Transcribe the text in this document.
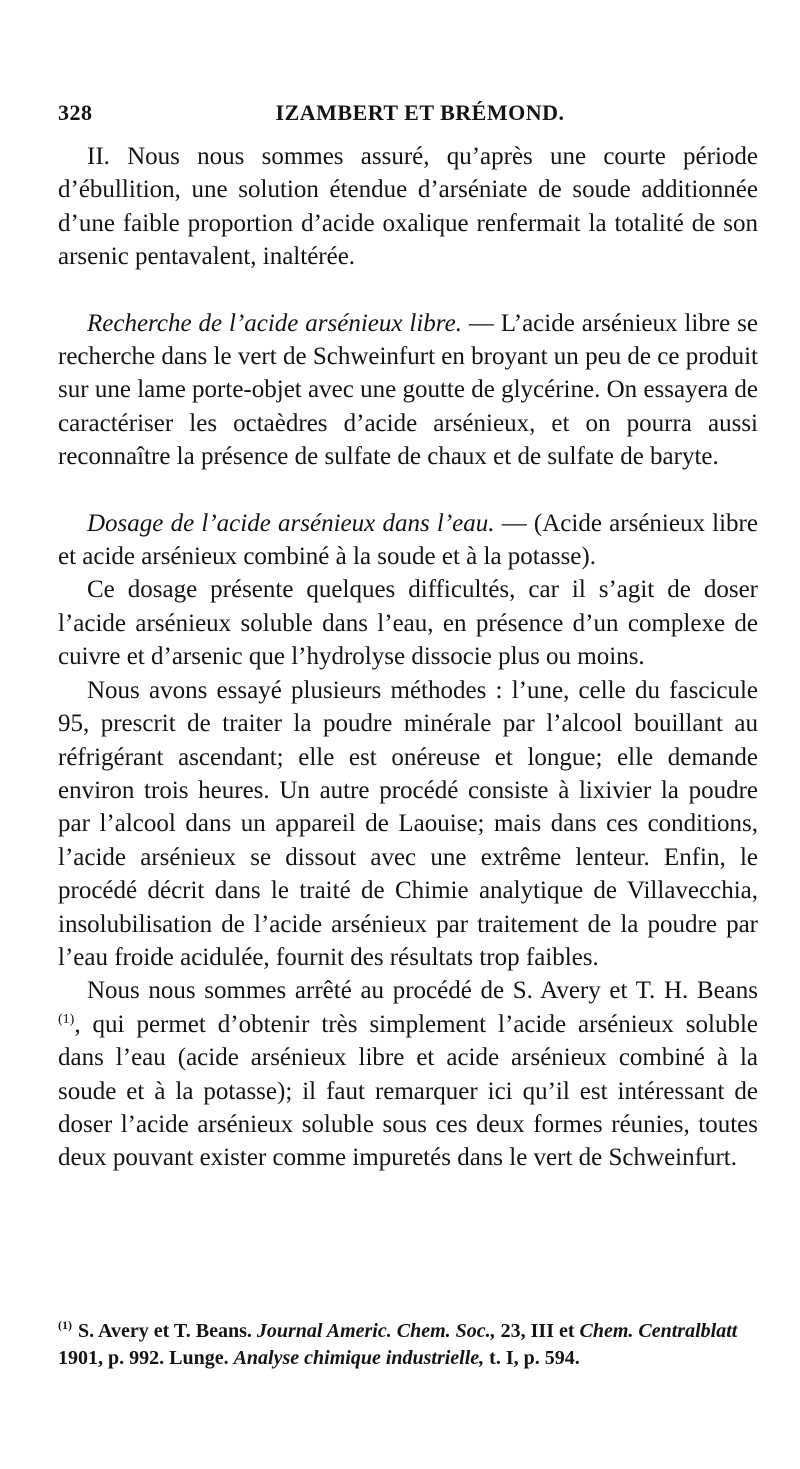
328	IZAMBERT ET BRÉMOND.

II. Nous nous sommes assuré, qu’après une courte période d’ébullition, une solution étendue d’arséniate de soude additionnée d’une faible proportion d’acide oxalique renfermait la totalité de son arsenic pentavalent, inaltérée.

Recherche de l’acide arsénieux libre. — L’acide arsénieux libre se recherche dans le vert de Schweinfurt en broyant un peu de ce produit sur une lame porte-objet avec une goutte de glycérine. On essayera de caractériser les octaèdres d’acide arsénieux, et on pourra aussi reconnaître la présence de sulfate de chaux et de sulfate de baryte.

Dosage de l’acide arsénieux dans l’eau. — (Acide arsénieux libre et acide arsénieux combiné à la soude et à la potasse).

Ce dosage présente quelques difficultés, car il s’agit de doser l’acide arsénieux soluble dans l’eau, en présence d’un complexe de cuivre et d’arsenic que l’hydrolyse dissocie plus ou moins.

Nous avons essayé plusieurs méthodes : l’une, celle du fascicule 95, prescrit de traiter la poudre minérale par l’alcool bouillant au réfrigérant ascendant; elle est onéreuse et longue; elle demande environ trois heures. Un autre procédé consiste à lixivier la poudre par l’alcool dans un appareil de Laouise; mais dans ces conditions, l’acide arsénieux se dissout avec une extrême lenteur. Enfin, le procédé décrit dans le traité de Chimie analytique de Villavecchia, insolubilisation de l’acide arsénieux par traitement de la poudre par l’eau froide acidulée, fournit des résultats trop faibles.

Nous nous sommes arrêté au procédé de S. Avery et T. H. Beans $^{(1)}$, qui permet d’obtenir très simplement l’acide arsénieux soluble dans l’eau (acide arsénieux libre et acide arsénieux combiné à la soude et à la potasse); il faut remarquer ici qu’il est intéressant de doser l’acide arsénieux soluble sous ces deux formes réunies, toutes deux pouvant exister comme impuretés dans le vert de Schweinfurt.

$^{(1)}$ S. Avery et T. Beans. Journal Americ. Chem. Soc., 23, III et Chem. Centralblatt 1901, p. 992. Lunge. Analyse chimique industrielle, t. I, p. 594.
